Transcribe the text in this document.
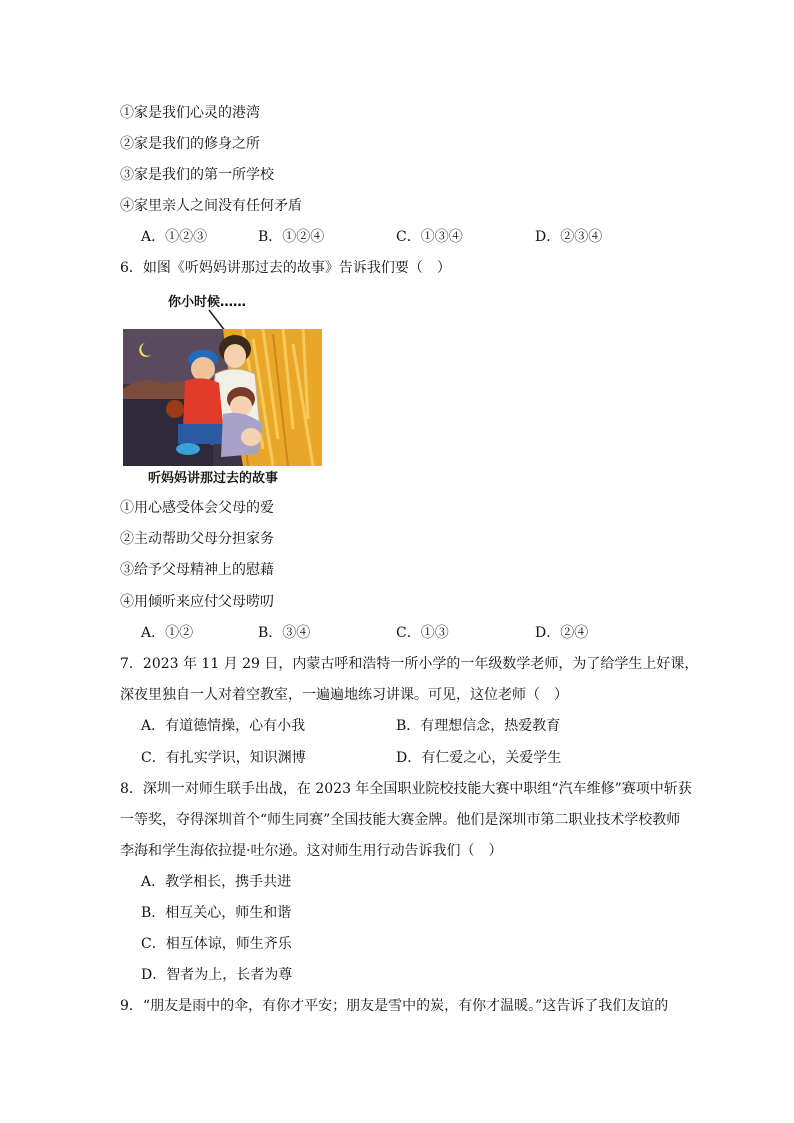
①家是我们心灵的港湾
②家是我们的修身之所
③家是我们的第一所学校
④家里亲人之间没有任何矛盾
A．①②③	B．①②④	C．①③④	D．②③④
6．如图《听妈妈讲那过去的故事》告诉我们要（　）
你小时候……
听妈妈讲那过去的故事
①用心感受体会父母的爱
②主动帮助父母分担家务
③给予父母精神上的慰藉
④用倾听来应付父母唠叨
A．①②	B．③④	C．①③	D．②④
7．2023 年 11 月 29 日，内蒙古呼和浩特一所小学的一年级数学老师，为了给学生上好课，
深夜里独自一人对着空教室，一遍遍地练习讲课。可见，这位老师（　）
A．有道德情操，心有小我	B．有理想信念，热爱教育
C．有扎实学识，知识渊博	D．有仁爱之心，关爱学生
8．深圳一对师生联手出战，在 2023 年全国职业院校技能大赛中职组“汽车维修”赛项中斩获
一等奖，夺得深圳首个“师生同赛”全国技能大赛金牌。他们是深圳市第二职业技术学校教师
李海和学生海依拉提·吐尔逊。这对师生用行动告诉我们（　）
A．教学相长，携手共进
B．相互关心，师生和谐
C．相互体谅，师生齐乐
D．智者为上，长者为尊
9．“朋友是雨中的伞，有你才平安；朋友是雪中的炭，有你才温暖。”这告诉了我们友谊的
